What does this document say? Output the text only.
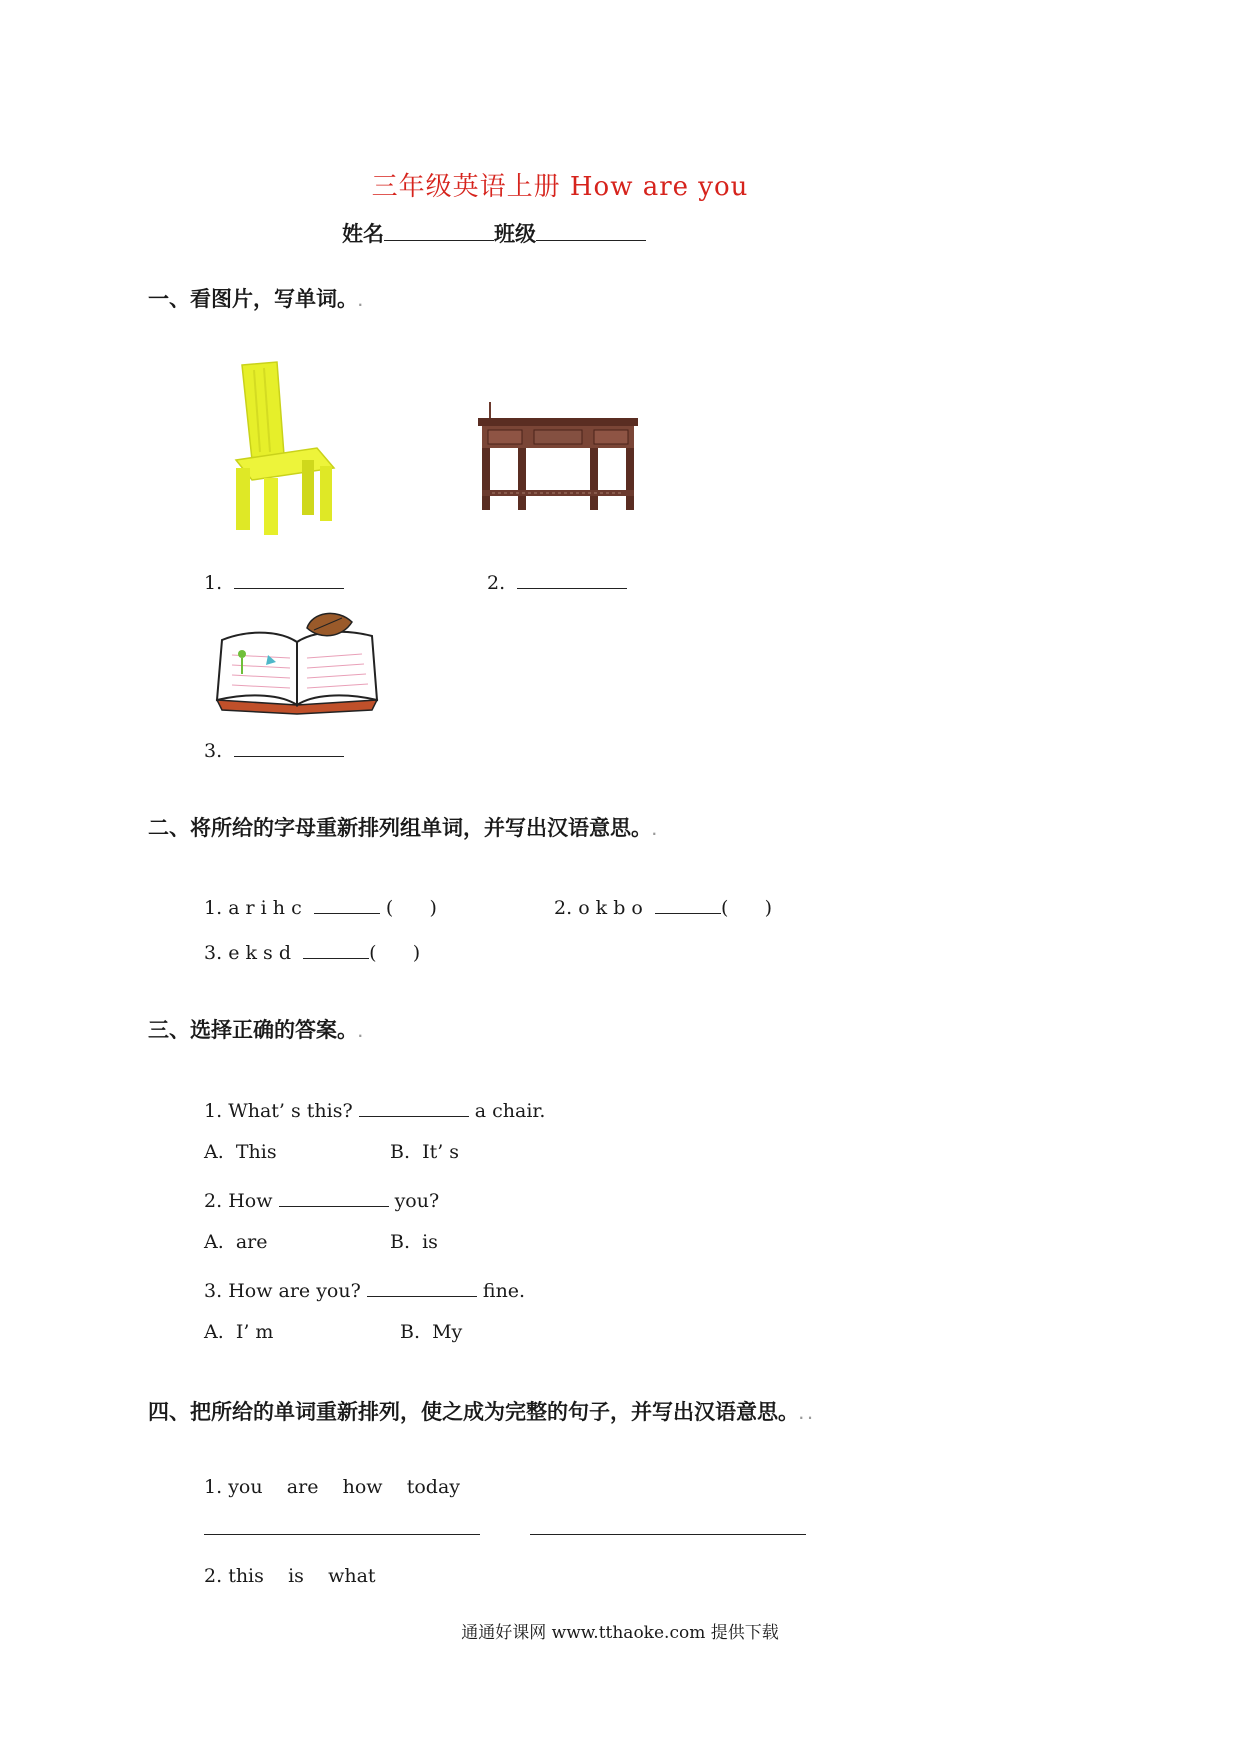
三年级英语上册 How are you
姓名	班级
一、看图片，写单词。.
1.	2.
3.
二、将所给的字母重新排列组单词，并写出汉语意思。.
1. a r i h c	(      )	2. o k b o	(      )
3. e k s d	(      )
三、选择正确的答案。.
1. What’ s this?	a chair.
A.  This	B.  It’ s
2. How	you?
A.  are	B.  is
3. How are you?	fine.
A.  I’ m	B.  My
四、把所给的单词重新排列，使之成为完整的句子，并写出汉语意思。. .
1. you are how today
2. this is what
通通好课网 www.tthaoke.com 提供下载
